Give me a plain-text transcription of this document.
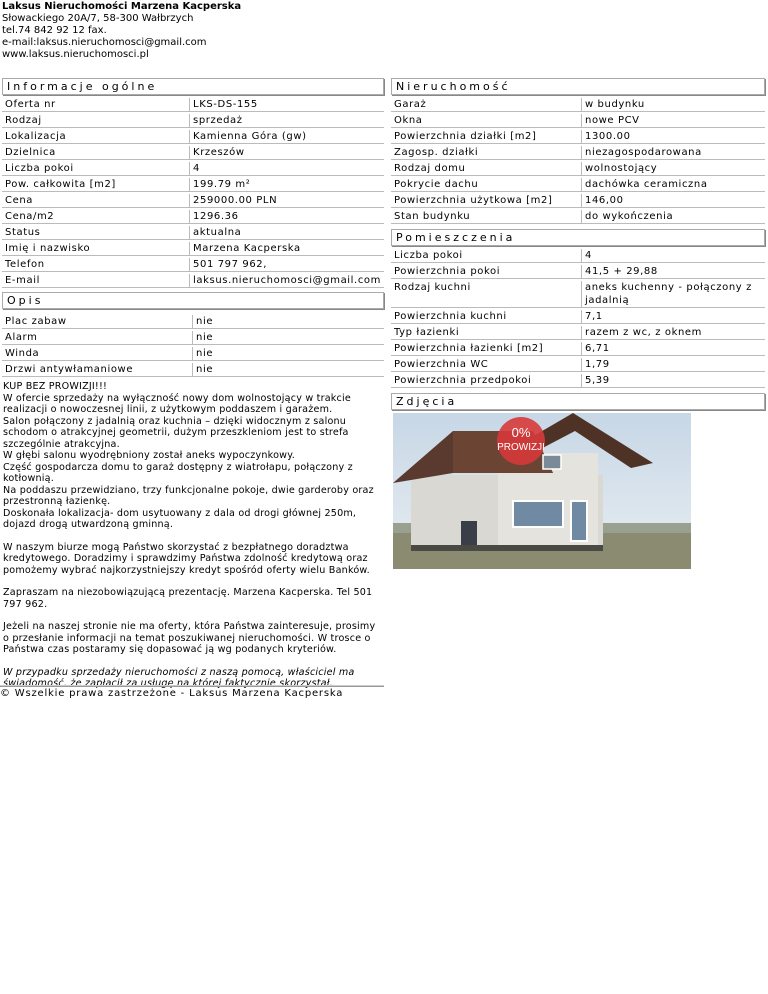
Laksus Nieruchomości Marzena Kacperska
Słowackiego 20A/7, 58-300 Wałbrzych
tel.74 842 92 12 fax.
e-mail:laksus.nieruchomosci@gmail.com
www.laksus.nieruchomosci.pl
Informacje ogólne
Oferta nr	LKS-DS-155
Rodzaj	sprzedaż
Lokalizacja	Kamienna Góra (gw)
Dzielnica	Krzeszów
Liczba pokoi	4
Pow. całkowita [m2]	199.79 m²
Cena	259000.00 PLN
Cena/m2	1296.36
Status	aktualna
Imię i nazwisko	Marzena Kacperska
Telefon	501 797 962,
E-mail	laksus.nieruchomosci@gmail.com
Opis
Plac zabaw	nie
Alarm	nie
Winda	nie
Drzwi antywłamaniowe	nie

KUP BEZ PROWIZJI!!!
W ofercie sprzedaży na wyłączność nowy dom wolnostojący w trakcie realizacji o nowoczesnej linii, z użytkowym poddaszem i garażem.
Salon połączony z jadalnią oraz kuchnia – dzięki widocznym z salonu schodom o atrakcyjnej geometrii, dużym przeszkleniom jest to strefa szczególnie atrakcyjna.
W głębi salonu wyodrębniony został aneks wypoczynkowy.
Część gospodarcza domu to garaż dostępny z wiatrołapu, połączony z kotłownią.
Na poddaszu przewidziano, trzy funkcjonalne pokoje, dwie garderoby oraz przestronną łazienkę.
Doskonała lokalizacja- dom usytuowany z dala od drogi głównej 250m, dojazd drogą utwardzoną gminną.

W naszym biurze mogą Państwo skorzystać z bezpłatnego doradztwa kredytowego. Doradzimy i sprawdzimy Państwa zdolność kredytową oraz pomożemy wybrać najkorzystniejszy kredyt spośród oferty wielu Banków.

Zapraszam na niezobowiązującą prezentację. Marzena Kacperska. Tel 501 797 962.

Jeżeli na naszej stronie nie ma oferty, która Państwa zainteresuje, prosimy o przesłanie informacji na temat poszukiwanej nieruchomości. W trosce o Państwa czas postaramy się dopasować ją wg podanych kryteriów.

W przypadku sprzedaży nieruchomości z naszą pomocą, właściciel ma świadomość, że zapłacił za usługę na której faktycznie skorzystał.

Nieruchomość
Garaż	w budynku
Okna	nowe PCV
Powierzchnia działki [m2]	1300.00
Zagosp. działki	niezagospodarowana
Rodzaj domu	wolnostojący
Pokrycie dachu	dachówka ceramiczna
Powierzchnia użytkowa [m2]	146,00
Stan budynku	do wykończenia
Pomieszczenia
Liczba pokoi	4
Powierzchnia pokoi	41,5 + 29,88
Rodzaj kuchni	aneks kuchenny - połączony z jadalnią
Powierzchnia kuchni	7,1
Typ łazienki	razem z wc, z oknem
Powierzchnia łazienki [m2]	6,71
Powierzchnia WC	1,79
Powierzchnia przedpokoi	5,39
Zdjęcia
0%
PROWIZJI
© Wszelkie prawa zastrzeżone - Laksus Marzena Kacperska
